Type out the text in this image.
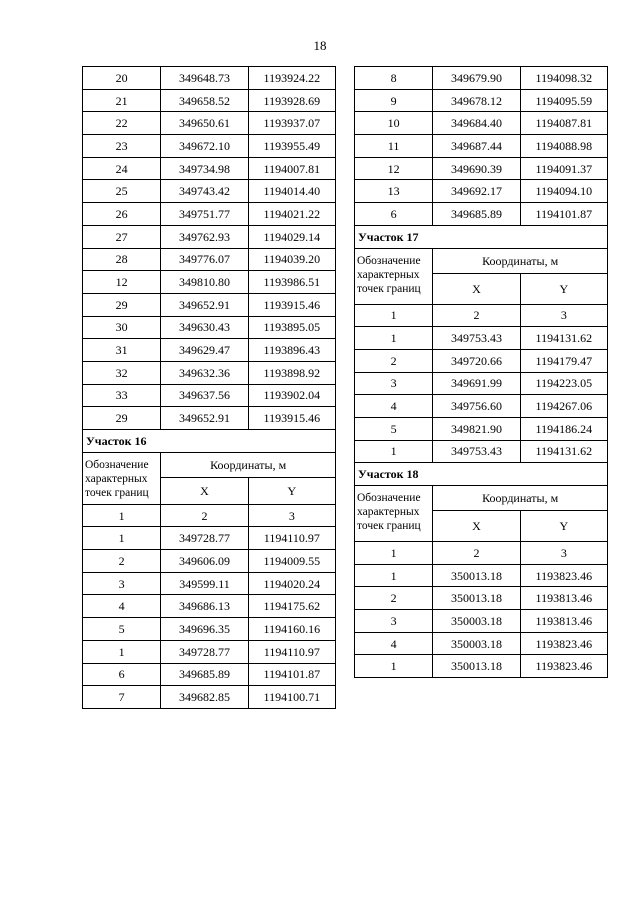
18
20	349648.73	1193924.22
21	349658.52	1193928.69
22	349650.61	1193937.07
23	349672.10	1193955.49
24	349734.98	1194007.81
25	349743.42	1194014.40
26	349751.77	1194021.22
27	349762.93	1194029.14
28	349776.07	1194039.20
12	349810.80	1193986.51
29	349652.91	1193915.46
30	349630.43	1193895.05
31	349629.47	1193896.43
32	349632.36	1193898.92
33	349637.56	1193902.04
29	349652.91	1193915.46
Участок 16		
Обозначение характерных точек границ	Координаты, м	
	X	Y
1	2	3
1	349728.77	1194110.97
2	349606.09	1194009.55
3	349599.11	1194020.24
4	349686.13	1194175.62
5	349696.35	1194160.16
1	349728.77	1194110.97
6	349685.89	1194101.87
7	349682.85	1194100.71
8	349679.90	1194098.32
9	349678.12	1194095.59
10	349684.40	1194087.81
11	349687.44	1194088.98
12	349690.39	1194091.37
13	349692.17	1194094.10
6	349685.89	1194101.87
Участок 17		
Обозначение характерных точек границ	Координаты, м	
	X	Y
1	2	3
1	349753.43	1194131.62
2	349720.66	1194179.47
3	349691.99	1194223.05
4	349756.60	1194267.06
5	349821.90	1194186.24
1	349753.43	1194131.62
Участок 18		
Обозначение характерных точек границ	Координаты, м	
	X	Y
1	2	3
1	350013.18	1193823.46
2	350013.18	1193813.46
3	350003.18	1193813.46
4	350003.18	1193823.46
1	350013.18	1193823.46
